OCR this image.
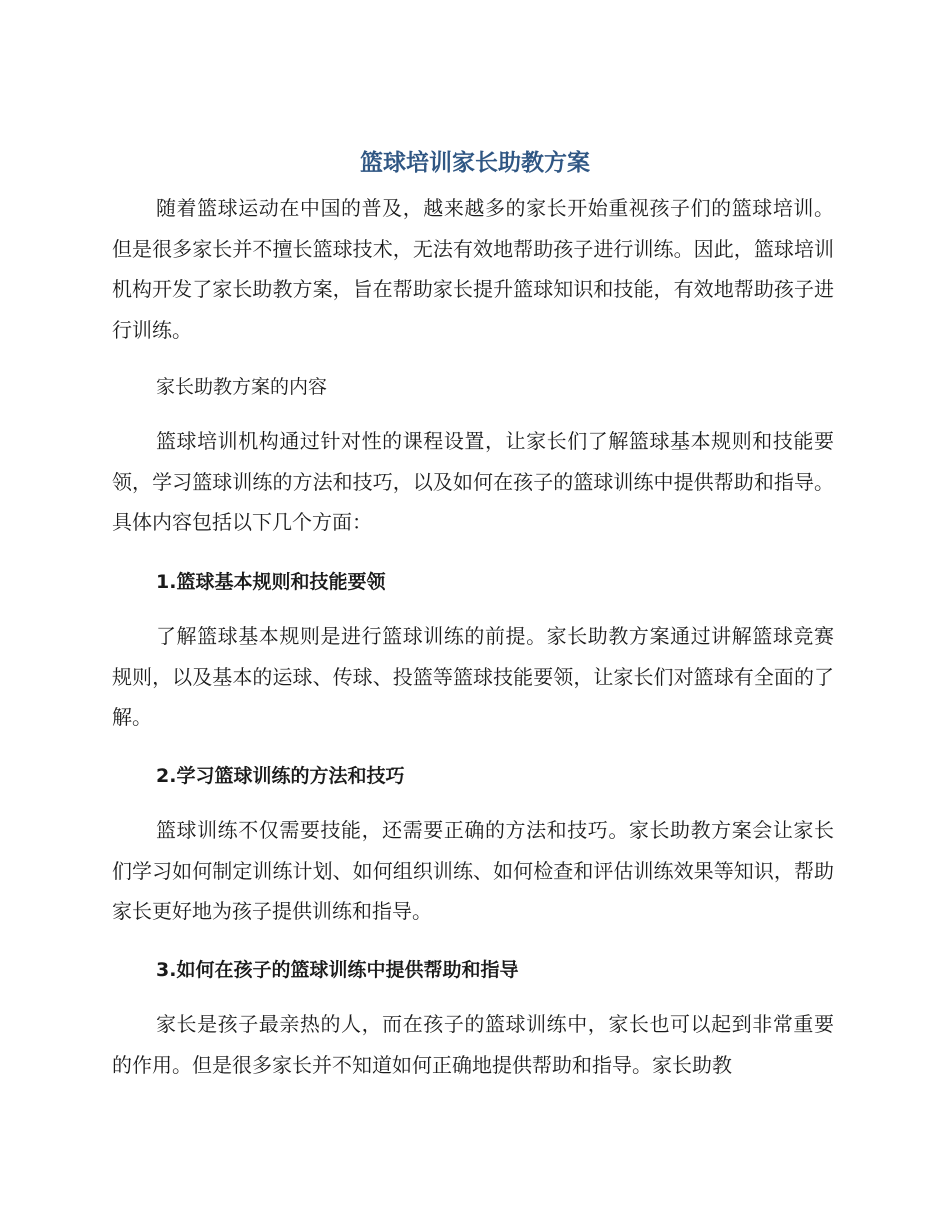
篮球培训家长助教方案

随着篮球运动在中国的普及，越来越多的家长开始重视孩子们的篮球培训。但是很多家长并不擅长篮球技术，无法有效地帮助孩子进行训练。因此，篮球培训机构开发了家长助教方案，旨在帮助家长提升篮球知识和技能，有效地帮助孩子进行训练。

家长助教方案的内容

篮球培训机构通过针对性的课程设置，让家长们了解篮球基本规则和技能要领，学习篮球训练的方法和技巧，以及如何在孩子的篮球训练中提供帮助和指导。具体内容包括以下几个方面：

1.篮球基本规则和技能要领

了解篮球基本规则是进行篮球训练的前提。家长助教方案通过讲解篮球竞赛规则，以及基本的运球、传球、投篮等篮球技能要领，让家长们对篮球有全面的了解。

2.学习篮球训练的方法和技巧

篮球训练不仅需要技能，还需要正确的方法和技巧。家长助教方案会让家长们学习如何制定训练计划、如何组织训练、如何检查和评估训练效果等知识，帮助家长更好地为孩子提供训练和指导。

3.如何在孩子的篮球训练中提供帮助和指导

家长是孩子最亲热的人，而在孩子的篮球训练中，家长也可以起到非常重要的作用。但是很多家长并不知道如何正确地提供帮助和指导。家长助教
